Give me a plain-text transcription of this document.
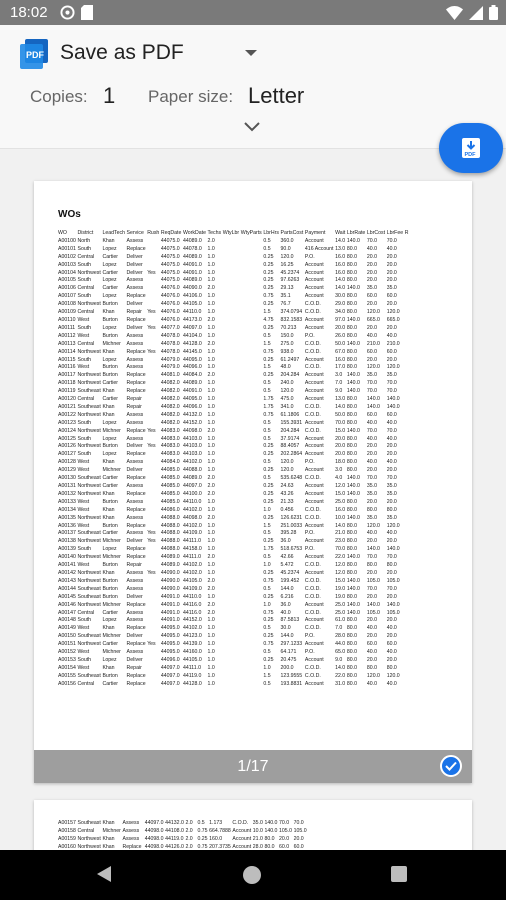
18:02
PDF Save as PDF
Copies: 1 Paper size: Letter
PDF
WOs
WO	District	LeadTech	Service	Rush	ReqDate	WorkDate	Techs	WtyLbr	WtyParts	LbrHrs	PartsCost	Payment	Wait	LbrRate	LbrCost	LbrFee	R
A00100	North	Khan	Assess		44075.0	44089.0	2.0			0.5	360.0	Account	14.0	140.0	70.0	70.0	
A00101	South	Lopez	Replace		44075.0	44078.0	1.0			0.5	90.0	416 Account	13.0	80.0	40.0	40.0	
A00102	Central	Cartier	Deliver		44075.0	44089.0	1.0			0.25	120.0	P.O.	16.0	80.0	20.0	20.0	
A00103	South	Lopez	Deliver		44075.0	44091.0	1.0			0.25	16.25	Account	16.0	80.0	20.0	20.0	
A00104	Northwest	Cartier	Deliver	Yes	44075.0	44091.0	1.0			0.25	45.2374	Account	16.0	80.0	20.0	20.0	
A00105	South	Lopez	Assess		44075.0	44089.0	1.0			0.25	97.6263	Account	14.0	80.0	20.0	20.0	
A00106	Central	Cartier	Assess		44076.0	44090.0	2.0			0.25	29.13	Account	14.0	140.0	35.0	35.0	
A00107	South	Lopez	Replace		44076.0	44106.0	1.0			0.75	35.1	Account	30.0	80.0	60.0	60.0	
A00108	Northwest	Burton	Deliver		44076.0	44105.0	1.0			0.25	76.7	C.O.D.	29.0	80.0	20.0	20.0	
A00109	Central	Khan	Repair	Yes	44076.0	44110.0	1.0			1.5	374.0794	C.O.D.	34.0	80.0	120.0	120.0	
A00110	West	Burton	Replace		44076.0	44173.0	2.0			4.75	832.1583	Account	97.0	140.0	665.0	665.0	
A00111	South	Lopez	Deliver	Yes	44077.0	44097.0	1.0			0.25	70.213	Account	20.0	80.0	20.0	20.0	
A00112	West	Burton	Assess		44078.0	44104.0	1.0			0.5	150.0	P.O.	26.0	80.0	40.0	40.0	
A00113	Central	Michner	Assess		44078.0	44128.0	2.0			1.5	275.0	C.O.D.	50.0	140.0	210.0	210.0	
A00114	Northwest	Khan	Replace	Yes	44078.0	44145.0	1.0			0.75	938.0	C.O.D.	67.0	80.0	60.0	60.0	
A00115	South	Lopez	Assess		44079.0	44095.0	1.0			0.25	61.2497	Account	16.0	80.0	20.0	20.0	
A00116	West	Burton	Assess		44079.0	44096.0	1.0			1.5	48.0	C.O.D.	17.0	80.0	120.0	120.0	
A00117	Northwest	Burton	Replace		44081.0	44084.0	2.0			0.25	204.284	Account	3.0	140.0	35.0	35.0	
A00118	Northwest	Cartier	Replace		44082.0	44089.0	1.0			0.5	240.0	Account	7.0	140.0	70.0	70.0	
A00119	Southeast	Khan	Replace		44082.0	44091.0	1.0			0.5	120.0	Account	9.0	140.0	70.0	70.0	
A00120	Central	Cartier	Repair		44082.0	44095.0	1.0			1.75	475.0	Account	13.0	80.0	140.0	140.0	
A00121	Southeast	Khan	Repair		44082.0	44096.0	1.0			1.75	341.0	C.O.D.	14.0	80.0	140.0	140.0	
A00122	Northwest	Khan	Assess		44082.0	44132.0	1.0			0.75	61.1806	C.O.D.	50.0	80.0	60.0	60.0	
A00123	South	Lopez	Assess		44082.0	44152.0	1.0			0.5	155.3931	Account	70.0	80.0	40.0	40.0	
A00124	Northwest	Michner	Replace	Yes	44083.0	44098.0	2.0			0.5	204.284	C.O.D.	15.0	140.0	70.0	70.0	
A00125	South	Lopez	Assess		44083.0	44103.0	1.0			0.5	37.9174	Account	20.0	80.0	40.0	40.0	
A00126	Northwest	Burton	Deliver	Yes	44083.0	44103.0	1.0			0.25	88.4057	Account	20.0	80.0	20.0	20.0	
A00127	South	Lopez	Replace		44083.0	44103.0	1.0			0.25	202.2864	Account	20.0	80.0	20.0	20.0	
A00128	West	Khan	Assess		44084.0	44102.0	1.0			0.5	120.0	P.O.	18.0	80.0	40.0	40.0	
A00129	West	Michner	Deliver		44085.0	44088.0	1.0			0.25	120.0	Account	3.0	80.0	20.0	20.0	
A00130	Southeast	Cartier	Replace		44085.0	44089.0	2.0			0.5	535.6248	C.O.D.	4.0	140.0	70.0	70.0	
A00131	Northwest	Cartier	Assess		44085.0	44097.0	2.0			0.25	24.63	Account	12.0	140.0	35.0	35.0	
A00132	Northwest	Khan	Replace		44085.0	44100.0	2.0			0.25	43.26	Account	15.0	140.0	35.0	35.0	
A00133	West	Burton	Assess		44085.0	44110.0	1.0			0.25	21.33	Account	25.0	80.0	20.0	20.0	
A00134	West	Khan	Replace		44086.0	44102.0	1.0			1.0	0.456	C.O.D.	16.0	80.0	80.0	80.0	
A00135	Northwest	Khan	Assess		44088.0	44098.0	2.0			0.25	126.6231	C.O.D.	10.0	140.0	35.0	35.0	
A00136	West	Burton	Replace		44088.0	44102.0	1.0			1.5	251.0033	Account	14.0	80.0	120.0	120.0	
A00137	Southeast	Cartier	Assess	Yes	44088.0	44109.0	1.0			0.5	395.28	P.O.	21.0	80.0	40.0	40.0	
A00138	Northwest	Michner	Deliver	Yes	44088.0	44111.0	1.0			0.25	36.0	Account	23.0	80.0	20.0	20.0	
A00139	South	Lopez	Replace		44088.0	44158.0	1.0			1.75	518.6753	P.O.	70.0	80.0	140.0	140.0	
A00140	Northwest	Michner	Replace		44089.0	44111.0	2.0			0.5	42.66	Account	22.0	140.0	70.0	70.0	
A00141	West	Burton	Repair		44089.0	44102.0	1.0			1.0	5.472	C.O.D.	12.0	80.0	80.0	80.0	
A00142	Northwest	Khan	Assess	Yes	44090.0	44102.0	1.0			0.25	45.2374	Account	12.0	80.0	20.0	20.0	
A00143	Northwest	Burton	Assess		44090.0	44105.0	2.0			0.75	199.452	C.O.D.	15.0	140.0	105.0	105.0	
A00144	Southeast	Burton	Assess		44090.0	44109.0	2.0			0.5	144.0	C.O.D.	19.0	140.0	70.0	70.0	
A00145	Southeast	Burton	Deliver		44091.0	44110.0	1.0			0.25	6.216	C.O.D.	19.0	80.0	20.0	20.0	
A00146	Northwest	Michner	Replace		44091.0	44116.0	2.0			1.0	36.0	Account	25.0	140.0	140.0	140.0	
A00147	Central	Cartier	Assess		44091.0	44116.0	2.0			0.75	40.0	C.O.D.	25.0	140.0	105.0	105.0	
A00148	South	Lopez	Assess		44091.0	44152.0	1.0			0.25	87.5813	Account	61.0	80.0	20.0	20.0	
A00149	West	Khan	Replace		44095.0	44102.0	1.0			0.5	30.0	C.O.D.	7.0	80.0	40.0	40.0	
A00150	Southeast	Michner	Deliver		44095.0	44123.0	1.0			0.25	144.0	P.O.	28.0	80.0	20.0	20.0	
A00151	Northwest	Cartier	Replace	Yes	44095.0	44139.0	1.0			0.75	297.1233	Account	44.0	80.0	60.0	60.0	
A00152	West	Michner	Assess		44095.0	44160.0	1.0			0.5	64.171	P.O.	65.0	80.0	40.0	40.0	
A00153	South	Lopez	Deliver		44096.0	44105.0	1.0			0.25	20.475	Account	9.0	80.0	20.0	20.0	
A00154	West	Khan	Repair		44097.0	44111.0	1.0			1.0	200.0	C.O.D.	14.0	80.0	80.0	80.0	
A00155	Southeast	Burton	Replace		44097.0	44119.0	1.0			1.5	123.9555	C.O.D.	22.0	80.0	120.0	120.0	
A00156	Central	Cartier	Replace		44097.0	44128.0	1.0			0.5	193.8831	Account	31.0	80.0	40.0	40.0	
1/17
A00157	Southeast	Khan	Assess		44097.0	44132.0	2.0			0.5	1.173	C.O.D.	35.0	140.0	70.0	70.0
A00158	Central	Michner	Assess		44098.0	44108.0	2.0			0.75	664.7888	Account	10.0	140.0	105.0	105.0
A00159	Northwest	Khan	Assess		44098.0	44119.0	2.0			0.25	160.0	Account	21.0	80.0	20.0	20.0
A00160	Northwest	Khan	Replace		44098.0	44126.0	2.0			0.75	207.3735	Account	28.0	80.0	60.0	60.0
